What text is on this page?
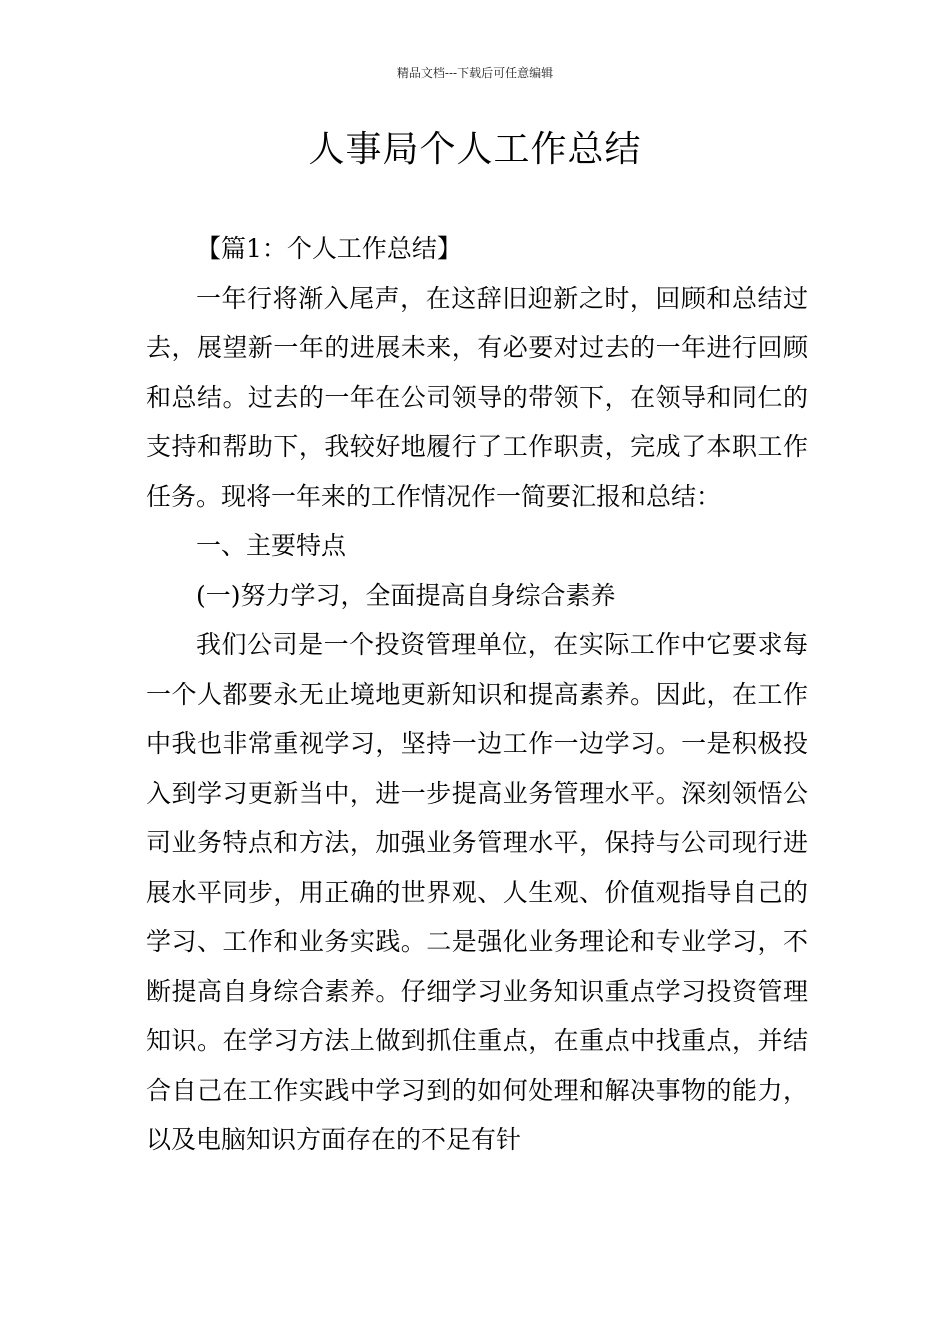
精品文档---下载后可任意编辑
人事局个人工作总结

【篇1：个人工作总结】

一年行将渐入尾声，在这辞旧迎新之时，回顾和总结过去，展望新一年的进展未来，有必要对过去的一年进行回顾和总结。过去的一年在公司领导的带领下，在领导和同仁的支持和帮助下，我较好地履行了工作职责，完成了本职工作任务。现将一年来的工作情况作一简要汇报和总结：

一、主要特点

(一)努力学习，全面提高自身综合素养

我们公司是一个投资管理单位，在实际工作中它要求每一个人都要永无止境地更新知识和提高素养。因此，在工作中我也非常重视学习，坚持一边工作一边学习。一是积极投入到学习更新当中，进一步提高业务管理水平。深刻领悟公司业务特点和方法，加强业务管理水平，保持与公司现行进展水平同步，用正确的世界观、人生观、价值观指导自己的学习、工作和业务实践。二是强化业务理论和专业学习，不断提高自身综合素养。仔细学习业务知识重点学习投资管理知识。在学习方法上做到抓住重点，在重点中找重点，并结合自己在工作实践中学习到的如何处理和解决事物的能力，以及电脑知识方面存在的不足有针
